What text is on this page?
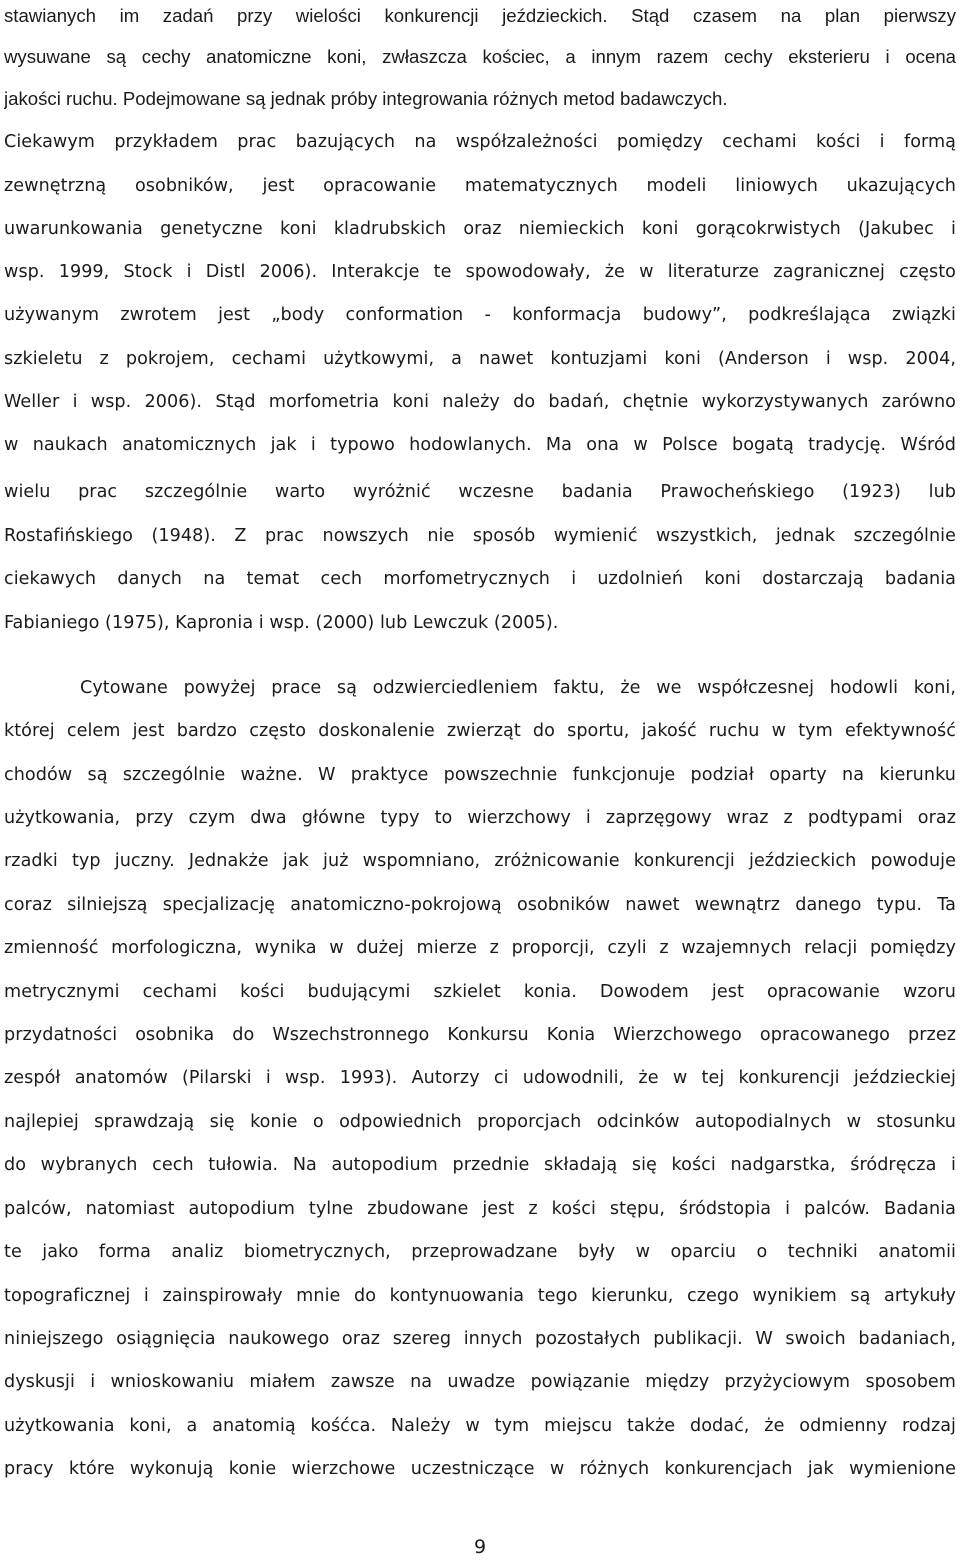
stawianych im zadań przy wielości konkurencji jeździeckich. Stąd czasem na plan pierwszy
wysuwane są cechy anatomiczne koni, zwłaszcza kościec, a innym razem cechy eksterieru i ocena
jakości ruchu. Podejmowane są jednak próby integrowania różnych metod badawczych.
Ciekawym przykładem prac bazujących na współzależności pomiędzy cechami kości i formą
zewnętrzną osobników, jest opracowanie matematycznych modeli liniowych ukazujących
uwarunkowania genetyczne koni kladrubskich oraz niemieckich koni gorącokrwistych (Jakubec i
wsp. 1999, Stock i Distl 2006). Interakcje te spowodowały, że w literaturze zagranicznej często
używanym zwrotem jest „body conformation - konformacja budowy”, podkreślająca związki
szkieletu z pokrojem, cechami użytkowymi, a nawet kontuzjami koni (Anderson i wsp. 2004,
Weller i wsp. 2006). Stąd morfometria koni należy do badań, chętnie wykorzystywanych zarówno
w naukach anatomicznych jak i typowo hodowlanych. Ma ona w Polsce bogatą tradycję. Wśród
wielu prac szczególnie warto wyróżnić wczesne badania Prawocheńskiego (1923) lub
Rostafińskiego (1948). Z prac nowszych nie sposób wymienić wszystkich, jednak szczególnie
ciekawych danych na temat cech morfometrycznych i uzdolnień koni dostarczają badania
Fabianiego (1975), Kapronia i wsp. (2000) lub Lewczuk (2005).
Cytowane powyżej prace są odzwierciedleniem faktu, że we współczesnej hodowli koni,
której celem jest bardzo często doskonalenie zwierząt do sportu, jakość ruchu w tym efektywność
chodów są szczególnie ważne. W praktyce powszechnie funkcjonuje podział oparty na kierunku
użytkowania, przy czym dwa główne typy to wierzchowy i zaprzęgowy wraz z podtypami oraz
rzadki typ juczny. Jednakże jak już wspomniano, zróżnicowanie konkurencji jeździeckich powoduje
coraz silniejszą specjalizację anatomiczno-pokrojową osobników nawet wewnątrz danego typu. Ta
zmienność morfologiczna, wynika w dużej mierze z proporcji, czyli z wzajemnych relacji pomiędzy
metrycznymi cechami kości budującymi szkielet konia. Dowodem jest opracowanie wzoru
przydatności osobnika do Wszechstronnego Konkursu Konia Wierzchowego opracowanego przez
zespół anatomów (Pilarski i wsp. 1993). Autorzy ci udowodnili, że w tej konkurencji jeździeckiej
najlepiej sprawdzają się konie o odpowiednich proporcjach odcinków autopodialnych w stosunku
do wybranych cech tułowia. Na autopodium przednie składają się kości nadgarstka, śródręcza i
palców, natomiast autopodium tylne zbudowane jest z kości stępu, śródstopia i palców. Badania
te jako forma analiz biometrycznych, przeprowadzane były w oparciu o techniki anatomii
topograficznej i zainspirowały mnie do kontynuowania tego kierunku, czego wynikiem są artykuły
niniejszego osiągnięcia naukowego oraz szereg innych pozostałych publikacji. W swoich badaniach,
dyskusji i wnioskowaniu miałem zawsze na uwadze powiązanie między przyżyciowym sposobem
użytkowania koni, a anatomią kośćca. Należy w tym miejscu także dodać, że odmienny rodzaj
pracy które wykonują konie wierzchowe uczestniczące w różnych konkurencjach jak wymienione
9
